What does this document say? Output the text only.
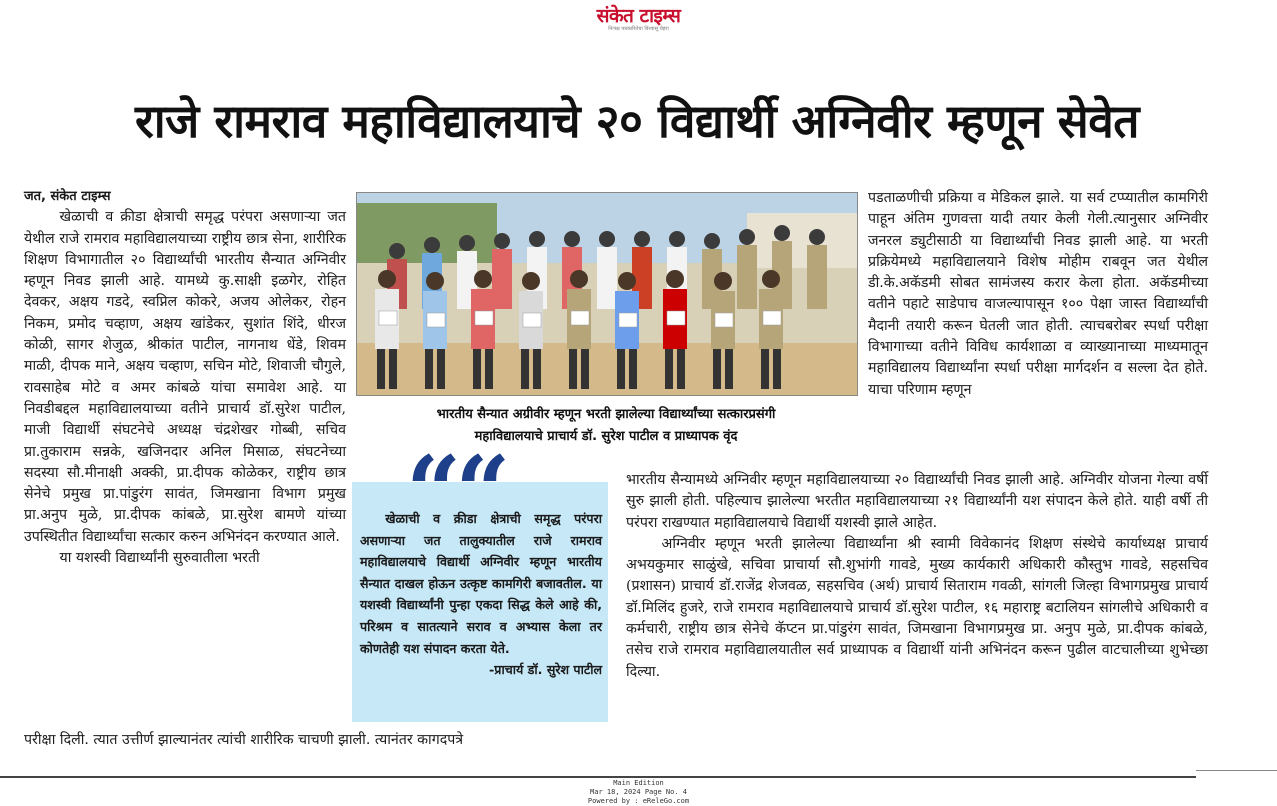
संकेत टाइम्स
निःपक्ष पत्रकारितेचा विश्वासू चेहरा
राजे रामराव महाविद्यालयाचे २० विद्यार्थी अग्निवीर म्हणून सेवेत

जत, संकेत टाइम्स

खेळाची व क्रीडा क्षेत्राची समृद्ध परंपरा असणाऱ्या जत येथील राजे रामराव महाविद्यालयाच्या राष्ट्रीय छात्र सेना, शारीरिक शिक्षण विभागातील २० विद्यार्थ्यांची भारतीय सैन्यात अग्निवीर म्हणून निवड झाली आहे. यामध्ये कु.साक्षी इळगेर, रोहित देवकर, अक्षय गडदे, स्वप्निल कोकरे, अजय ओलेकर, रोहन निकम, प्रमोद चव्हाण, अक्षय खांडेकर, सुशांत शिंदे, धीरज कोळी, सागर शेजुळ, श्रीकांत पाटील, नागनाथ धेंडे, शिवम माळी, दीपक माने, अक्षय चव्हाण, सचिन मोटे, शिवाजी चौगुले, रावसाहेब मोटे व अमर कांबळे यांचा समावेश आहे. या निवडीबद्दल महाविद्यालयाच्या वतीने प्राचार्य डॉ.सुरेश पाटील, माजी विद्यार्थी संघटनेचे अध्यक्ष चंद्रशेखर गोब्बी, सचिव प्रा.तुकाराम सन्नके, खजिनदार अनिल मिसाळ, संघटनेच्या सदस्या सौ.मीनाक्षी अक्की, प्रा.दीपक कोळेकर, राष्ट्रीय छात्र सेनेचे प्रमुख प्रा.पांडुरंग सावंत, जिमखाना विभाग प्रमुख प्रा.अनुप मुळे, प्रा.दीपक कांबळे, प्रा.सुरेश बामणे यांच्या उपस्थितीत विद्यार्थ्यांचा सत्कार करुन अभिनंदन करण्यात आले.

या यशस्वी विद्यार्थ्यांनी सुरुवातीला भरती

परीक्षा दिली. त्यात उत्तीर्ण झाल्यानंतर त्यांची शारीरिक चाचणी झाली. त्यानंतर कागदपत्रे

भारतीय सैन्यात अग्रीवीर म्हणून भरती झालेल्या विद्यार्थ्यांच्या सत्कारप्रसंगी
महाविद्यालयाचे प्राचार्य डॉ. सुरेश पाटील व प्राध्यापक वृंद

खेळाची व क्रीडा क्षेत्राची समृद्ध परंपरा असणाऱ्या जत तालुक्यातील राजे रामराव महाविद्यालयाचे विद्यार्थी अग्निवीर म्हणून भारतीय सैन्यात दाखल होऊन उत्कृष्ट कामगिरी बजावतील. या यशस्वी विद्यार्थ्यांनी पुन्हा एकदा सिद्ध केले आहे की, परिश्रम व सातत्याने सराव व अभ्यास केला तर कोणतेही यश संपादन करता येते.

-प्राचार्य डॉ. सुरेश पाटील

““

पडताळणीची प्रक्रिया व मेडिकल झाले. या सर्व टप्प्यातील कामगिरी पाहून अंतिम गुणवत्ता यादी तयार केली गेली.त्यानुसार अग्निवीर जनरल ड्युटीसाठी या विद्यार्थ्यांची निवड झाली आहे. या भरती प्रक्रियेमध्ये महाविद्यालयाने विशेष मोहीम राबवून जत येथील डी.के.अकॅडमी सोबत सामंजस्य करार केला होता. अकॅडमीच्या वतीने पहाटे साडेपाच वाजल्यापासून १०० पेक्षा जास्त विद्यार्थ्यांची मैदानी तयारी करून घेतली जात होती. त्याचबरोबर स्पर्धा परीक्षा विभागाच्या वतीने विविध कार्यशाळा व व्याख्यानाच्या माध्यमातून महाविद्यालय विद्यार्थ्यांना स्पर्धा परीक्षा मार्गदर्शन व सल्ला देत होते. याचा परिणाम म्हणून

भारतीय सैन्यामध्ये अग्निवीर म्हणून महाविद्यालयाच्या २० विद्यार्थ्यांची निवड झाली आहे. अग्निवीर योजना गेल्या वर्षी सुरु झाली होती. पहिल्याच झालेल्या भरतीत महाविद्यालयाच्या २१ विद्यार्थ्यांनी यश संपादन केले होते. याही वर्षी ती परंपरा राखण्यात महाविद्यालयाचे विद्यार्थी यशस्वी झाले आहेत.

अग्निवीर म्हणून भरती झालेल्या विद्यार्थ्यांना श्री स्वामी विवेकानंद शिक्षण संस्थेचे कार्याध्यक्ष प्राचार्य अभयकुमार साळुंखे, सचिवा प्राचार्या सौ.शुभांगी गावडे, मुख्य कार्यकारी अधिकारी कौस्तुभ गावडे, सहसचिव (प्रशासन) प्राचार्य डॉ.राजेंद्र शेजवळ, सहसचिव (अर्थ) प्राचार्य सिताराम गवळी, सांगली जिल्हा विभागप्रमुख प्राचार्य डॉ.मिलिंद हुजरे, राजे रामराव महाविद्यालयाचे प्राचार्य डॉ.सुरेश पाटील, १६ महाराष्ट्र बटालियन सांगलीचे अधिकारी व कर्मचारी, राष्ट्रीय छात्र सेनेचे कॅप्टन प्रा.पांडुरंग सावंत, जिमखाना विभागप्रमुख प्रा. अनुप मुळे, प्रा.दीपक कांबळे, तसेच राजे रामराव महाविद्यालयातील सर्व प्राध्यापक व विद्यार्थी यांनी अभिनंदन करून पुढील वाटचालीच्या शुभेच्छा दिल्या.

Main Edition
Mar 18, 2024 Page No. 4
Powered by : eReleGo.com
